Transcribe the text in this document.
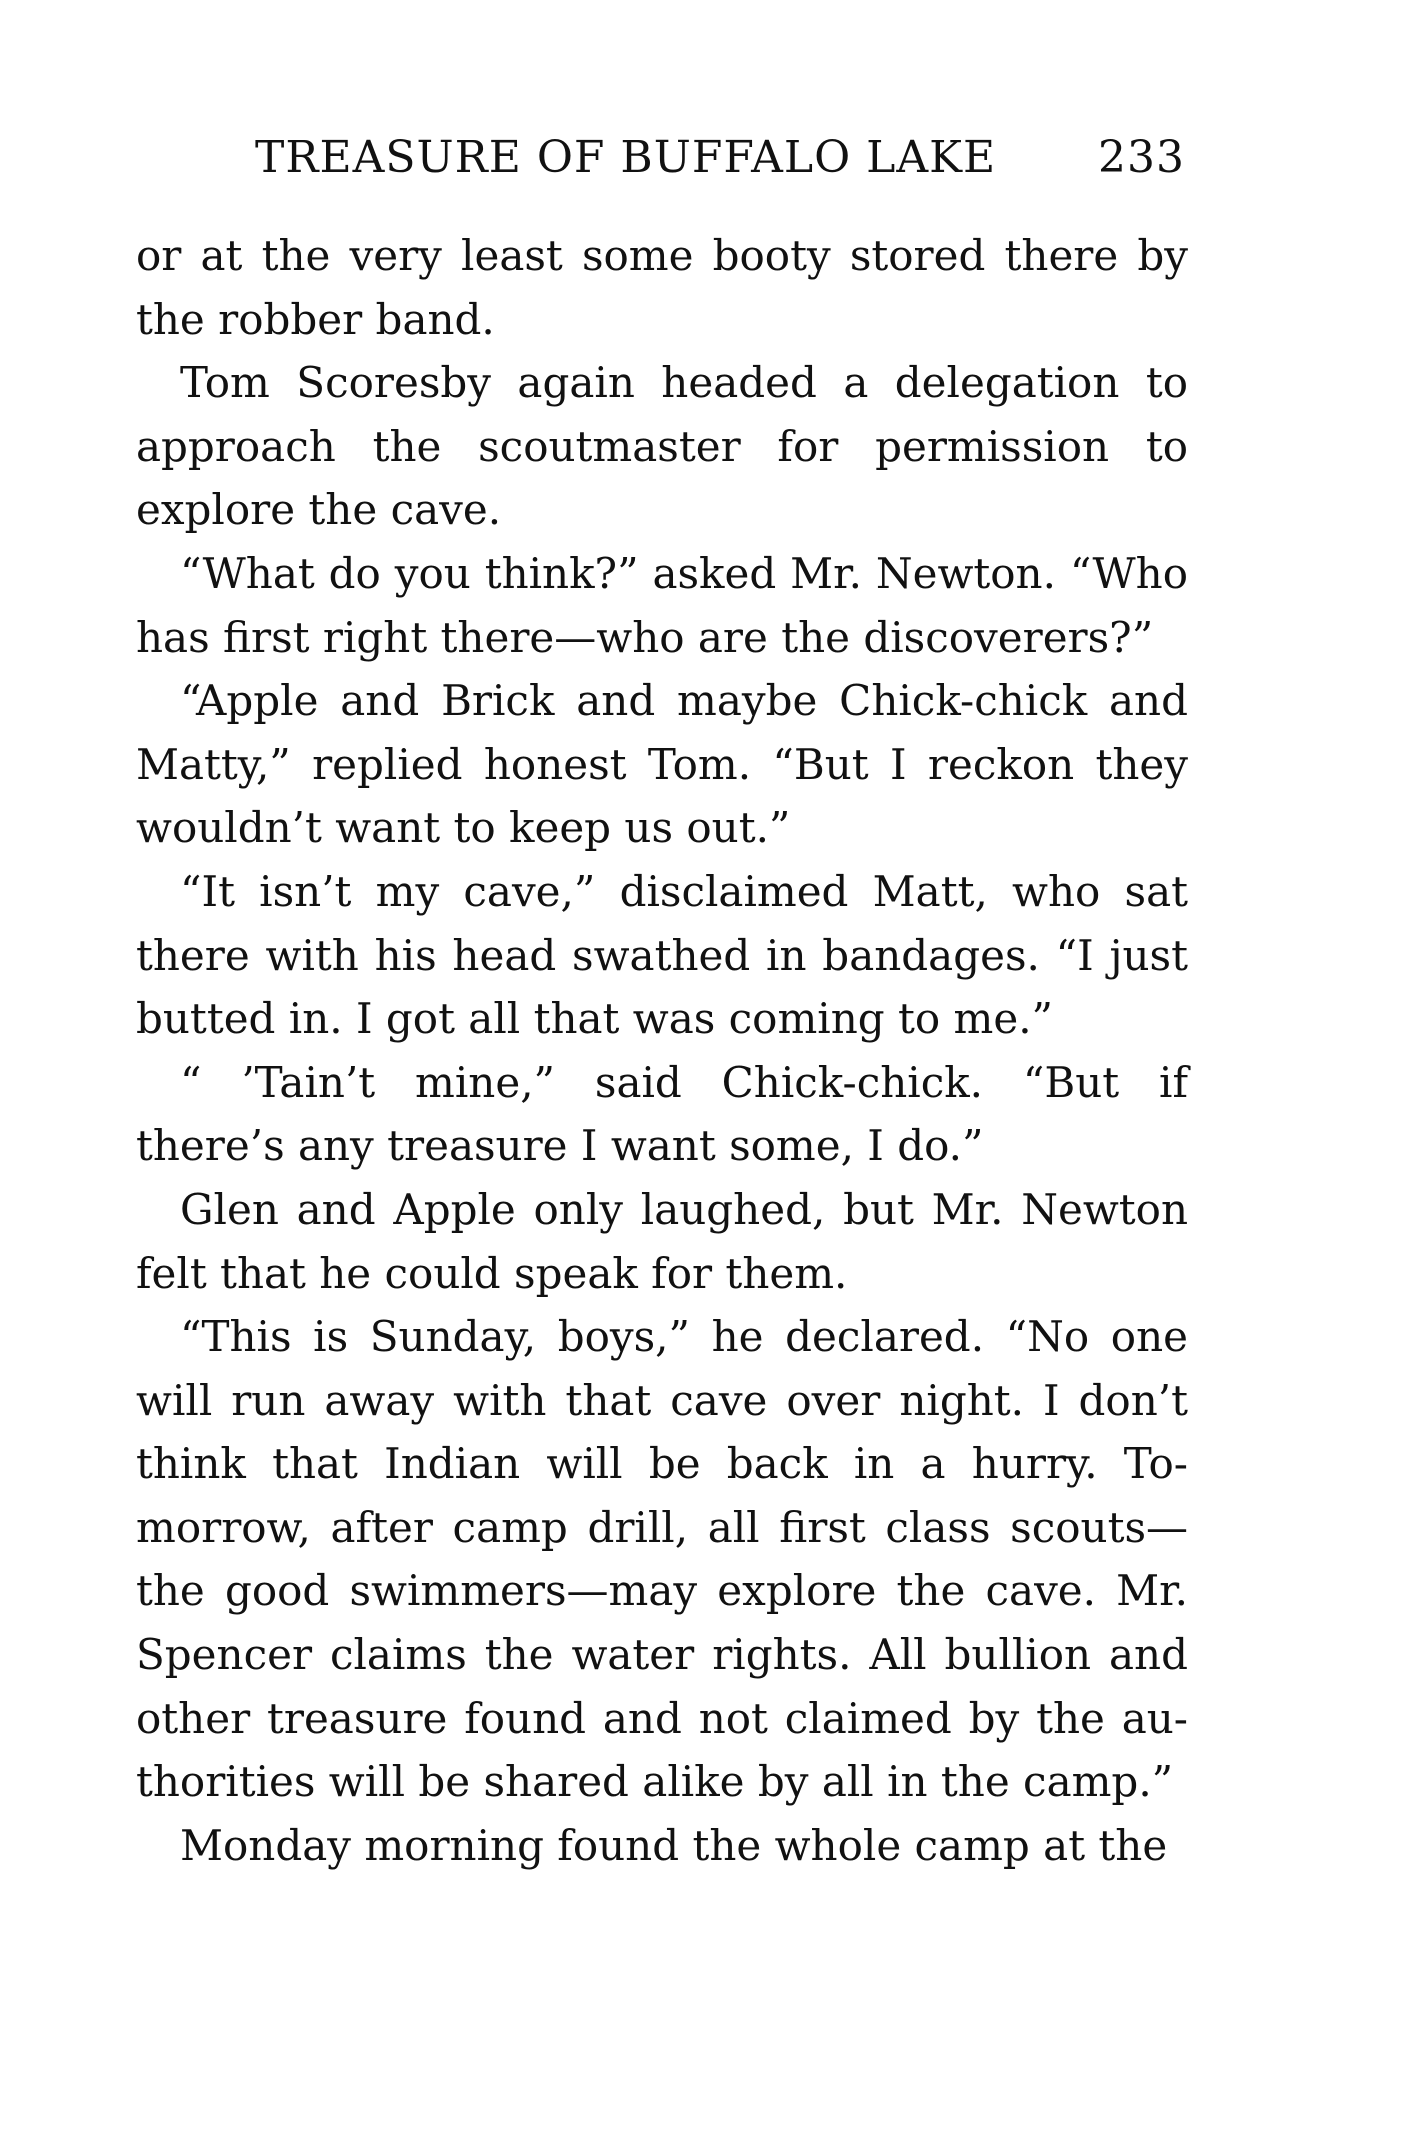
TREASURE OF BUFFALO LAKE 233

or at the very least some booty stored there by the robber band.

Tom Scoresby again headed a delegation to approach the scoutmaster for permission to explore the cave.

“What do you think?” asked Mr. Newton. “Who has first right there—who are the discoverers?”

“Apple and Brick and maybe Chick-chick and Matty,” replied honest Tom. “But I reckon they wouldn’t want to keep us out.”

“It isn’t my cave,” disclaimed Matt, who sat there with his head swathed in bandages. “I just butted in. I got all that was coming to me.”

“ ’Tain’t mine,” said Chick-chick. “But if there’s any treasure I want some, I do.”

Glen and Apple only laughed, but Mr. Newton felt that he could speak for them.

“This is Sunday, boys,” he declared. “No one will run away with that cave over night. I don’t think that Indian will be back in a hurry. Tomorrow, after camp drill, all first class scouts—the good swimmers—may explore the cave. Mr. Spencer claims the water rights. All bullion and other treasure found and not claimed by the authorities will be shared alike by all in the camp.”

Monday morning found the whole camp at the
